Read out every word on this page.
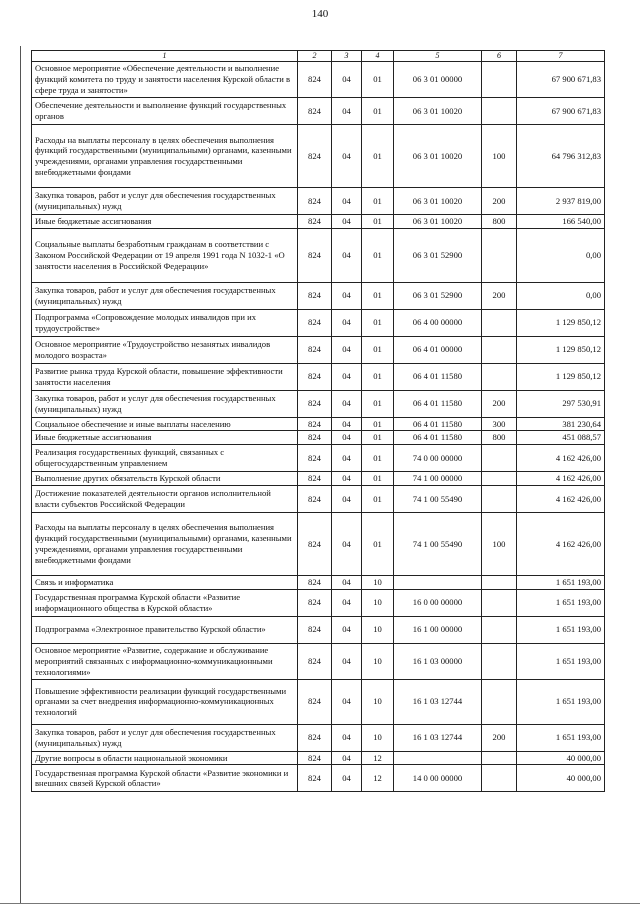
140
1	2	3	4	5	6	7
Основное мероприятие «Обеспечение деятельности и выполнение функций комитета по труду и занятости населения Курской области в сфере труда и занятости»	824	04	01	06 3 01 00000		67 900 671,83
Обеспечение деятельности и выполнение функций государственных органов	824	04	01	06 3 01 10020		67 900 671,83
Расходы на выплаты персоналу в целях обеспечения выполнения функций государственными (муниципальными) органами, казенными учреждениями, органами управления государственными внебюджетными фондами	824	04	01	06 3 01 10020	100	64 796 312,83
Закупка товаров, работ и услуг для обеспечения государственных (муниципальных) нужд	824	04	01	06 3 01 10020	200	2 937 819,00
Иные бюджетные ассигнования	824	04	01	06 3 01 10020	800	166 540,00
Социальные выплаты безработным гражданам в соответствии с Законом Российской Федерации от 19 апреля 1991 года N 1032-1 «О занятости населения в Российской Федерации»	824	04	01	06 3 01 52900		0,00
Закупка товаров, работ и услуг для обеспечения государственных (муниципальных) нужд	824	04	01	06 3 01 52900	200	0,00
Подпрограмма «Сопровождение молодых инвалидов при их трудоустройстве»	824	04	01	06 4 00 00000		1 129 850,12
Основное мероприятие «Трудоустройство незанятых инвалидов молодого возраста»	824	04	01	06 4 01 00000		1 129 850,12
Развитие рынка труда Курской области, повышение эффективности занятости населения	824	04	01	06 4 01 11580		1 129 850,12
Закупка товаров, работ и услуг для обеспечения государственных (муниципальных) нужд	824	04	01	06 4 01 11580	200	297 530,91
Социальное обеспечение и иные выплаты населению	824	04	01	06 4 01 11580	300	381 230,64
Иные бюджетные ассигнования	824	04	01	06 4 01 11580	800	451 088,57
Реализация государственных функций, связанных с общегосударственным управлением	824	04	01	74 0 00 00000		4 162 426,00
Выполнение других обязательств Курской области	824	04	01	74 1 00 00000		4 162 426,00
Достижение показателей деятельности органов исполнительной власти субъектов Российской Федерации	824	04	01	74 1 00 55490		4 162 426,00
Расходы на выплаты персоналу в целях обеспечения выполнения функций государственными (муниципальными) органами, казенными учреждениями, органами управления государственными внебюджетными фондами	824	04	01	74 1 00 55490	100	4 162 426,00
Связь и информатика	824	04	10			1 651 193,00
Государственная программа Курской области «Развитие информационного общества в Курской области»	824	04	10	16 0 00 00000		1 651 193,00
Подпрограмма «Электронное правительство Курской области»	824	04	10	16 1 00 00000		1 651 193,00
Основное мероприятие «Развитие, содержание и обслуживание мероприятий связанных с информационно-коммуникационными технологиями»	824	04	10	16 1 03 00000		1 651 193,00
Повышение эффективности реализации функций государственными органами за счет внедрения информационно-коммуникационных технологий	824	04	10	16 1 03 12744		1 651 193,00
Закупка товаров, работ и услуг для обеспечения государственных (муниципальных) нужд	824	04	10	16 1 03 12744	200	1 651 193,00
Другие вопросы в области национальной экономики	824	04	12			40 000,00
Государственная программа Курской области «Развитие экономики и внешних связей Курской области»	824	04	12	14 0 00 00000		40 000,00
